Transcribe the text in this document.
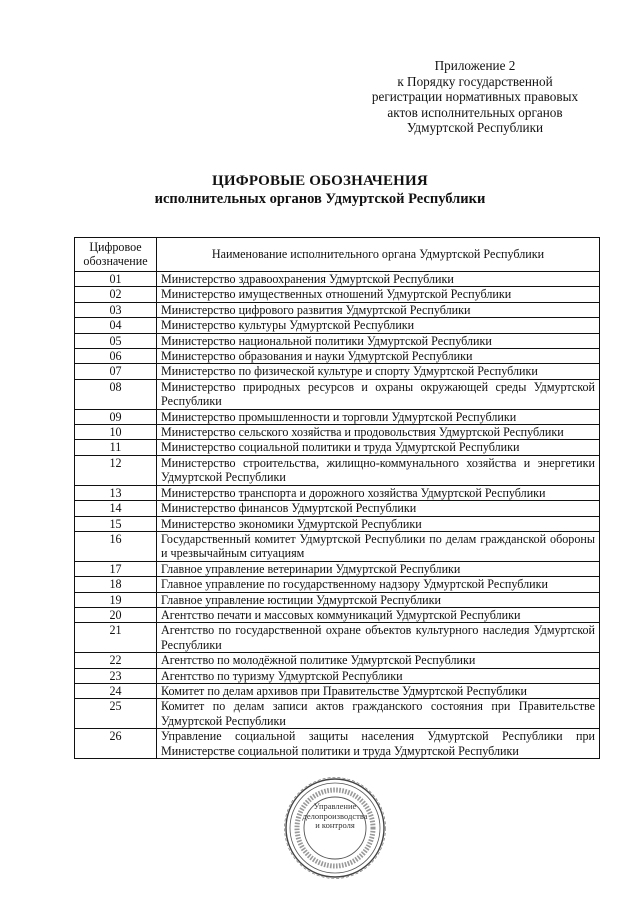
Приложение 2
к Порядку государственной
регистрации нормативных правовых
актов исполнительных органов
Удмуртской Республики
ЦИФРОВЫЕ ОБОЗНАЧЕНИЯ
исполнительных органов Удмуртской Республики
Цифровое обозначение	Наименование исполнительного органа Удмуртской Республики
01	Министерство здравоохранения Удмуртской Республики
02	Министерство имущественных отношений Удмуртской Республики
03	Министерство цифрового развития Удмуртской Республики
04	Министерство культуры Удмуртской Республики
05	Министерство национальной политики Удмуртской Республики
06	Министерство образования и науки Удмуртской Республики
07	Министерство по физической культуре и спорту Удмуртской Республики
08	Министерство природных ресурсов и охраны окружающей среды Удмуртской Республики
09	Министерство промышленности и торговли Удмуртской Республики
10	Министерство сельского хозяйства и продовольствия Удмуртской Республики
11	Министерство социальной политики и труда Удмуртской Республики
12	Министерство строительства, жилищно-коммунального хозяйства и энергетики Удмуртской Республики
13	Министерство транспорта и дорожного хозяйства Удмуртской Республики
14	Министерство финансов Удмуртской Республики
15	Министерство экономики Удмуртской Республики
16	Государственный комитет Удмуртской Республики по делам гражданской обороны и чрезвычайным ситуациям
17	Главное управление ветеринарии Удмуртской Республики
18	Главное управление по государственному надзору Удмуртской Республики
19	Главное управление юстиции Удмуртской Республики
20	Агентство печати и массовых коммуникаций Удмуртской Республики
21	Агентство по государственной охране объектов культурного наследия Удмуртской Республики
22	Агентство по молодёжной политике Удмуртской Республики
23	Агентство по туризму Удмуртской Республики
24	Комитет по делам архивов при Правительстве Удмуртской Республики
25	Комитет по делам записи актов гражданского состояния при Правительстве Удмуртской Республики
26	Управление социальной защиты населения Удмуртской Республики при Министерстве социальной политики и труда Удмуртской Республики
Управление
делопроизводства
и контроля
